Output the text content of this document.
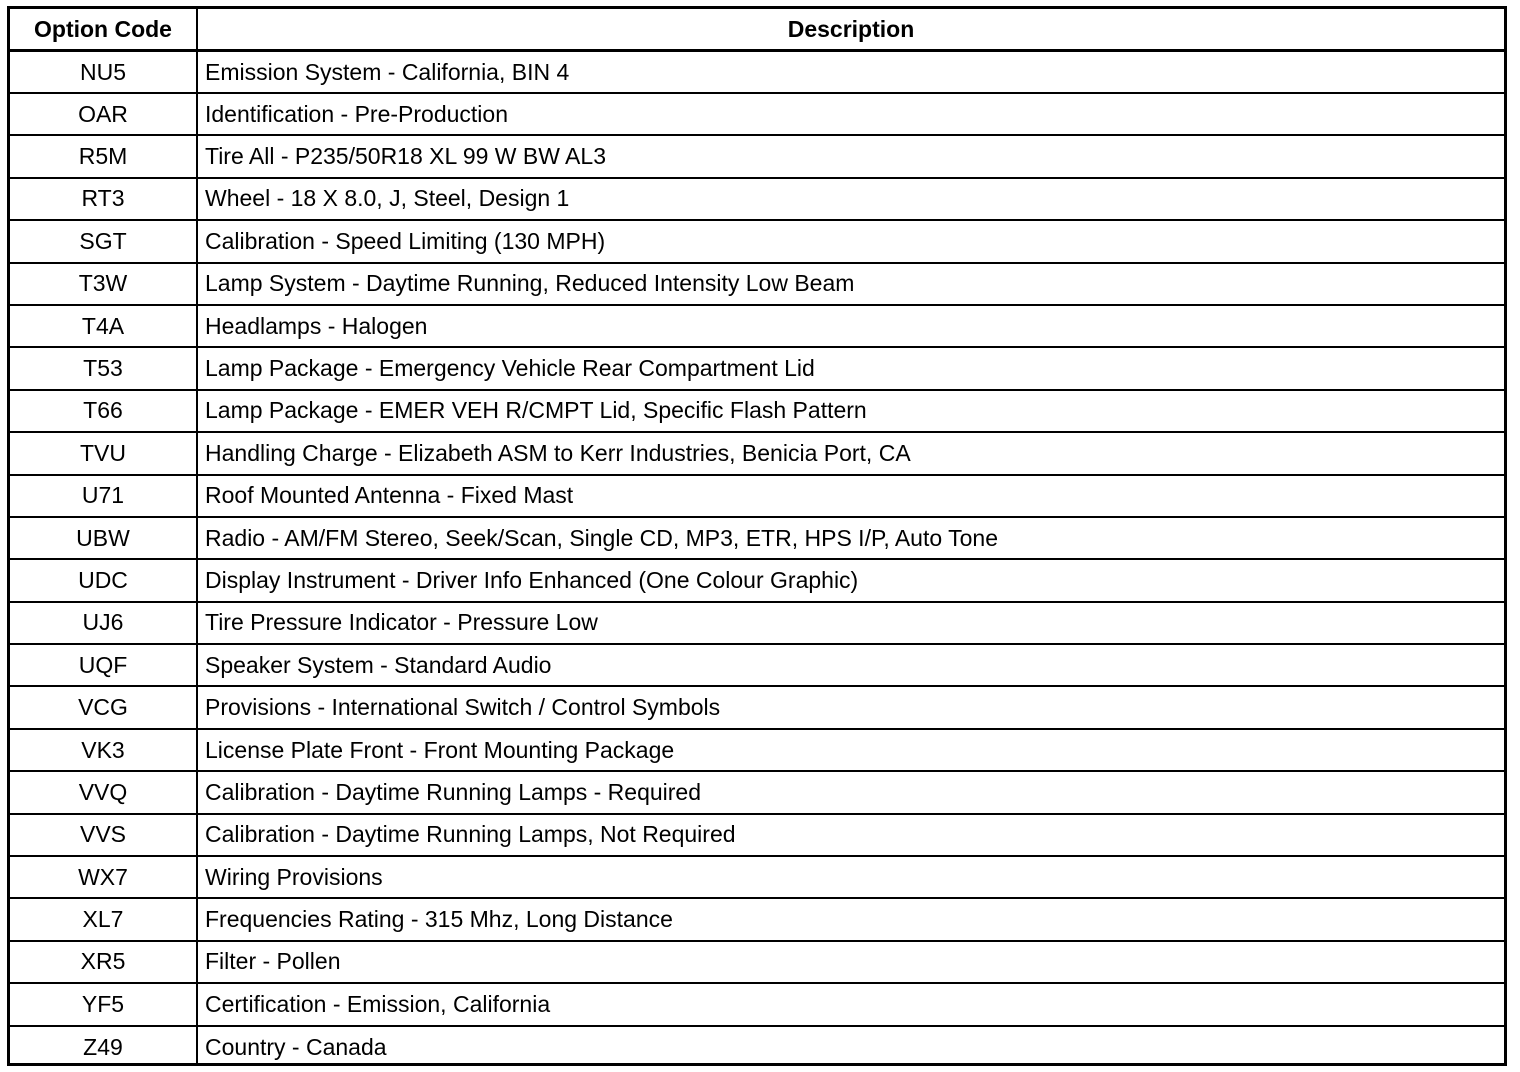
Option Code	Description
NU5	Emission System - California, BIN 4
OAR	Identification - Pre-Production
R5M	Tire All - P235/50R18 XL 99 W BW AL3
RT3	Wheel - 18 X 8.0, J, Steel, Design 1
SGT	Calibration - Speed Limiting (130 MPH)
T3W	Lamp System - Daytime Running, Reduced Intensity Low Beam
T4A	Headlamps - Halogen
T53	Lamp Package - Emergency Vehicle Rear Compartment Lid
T66	Lamp Package - EMER VEH R/CMPT Lid, Specific Flash Pattern
TVU	Handling Charge - Elizabeth ASM to Kerr Industries, Benicia Port, CA
U71	Roof Mounted Antenna - Fixed Mast
UBW	Radio - AM/FM Stereo, Seek/Scan, Single CD, MP3, ETR, HPS I/P, Auto Tone
UDC	Display Instrument - Driver Info Enhanced (One Colour Graphic)
UJ6	Tire Pressure Indicator - Pressure Low
UQF	Speaker System - Standard Audio
VCG	Provisions - International Switch / Control Symbols
VK3	License Plate Front - Front Mounting Package
VVQ	Calibration - Daytime Running Lamps - Required
VVS	Calibration - Daytime Running Lamps, Not Required
WX7	Wiring Provisions
XL7	Frequencies Rating - 315 Mhz, Long Distance
XR5	Filter - Pollen
YF5	Certification - Emission, California
Z49	Country - Canada
